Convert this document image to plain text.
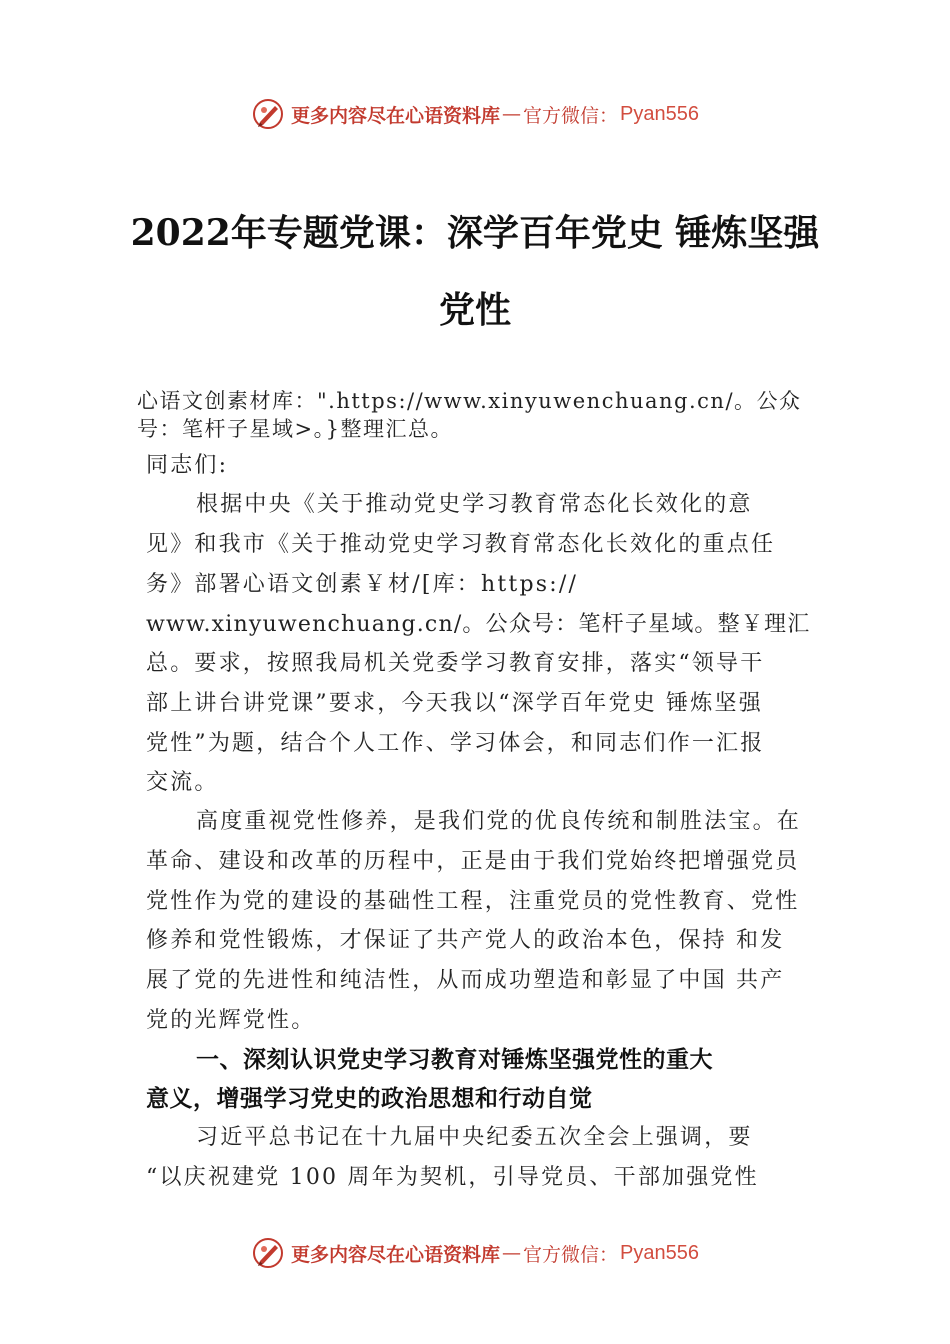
更多内容尽在心语资料库 — 官方微信： Pyan556
2022年专题党课：深学百年党史 锤炼坚强
党性
心语文创素材库：".https://www.xinyuwenchuang.cn/。公众
号：笔杆子星域>。}整理汇总。
同志们:
根据中央《关于推动党史学习教育常态化长效化的意
见》和我市《关于推动党史学习教育常态化长效化的重点任
务》部署心语文创素￥材/[库：https://
www.xinyuwenchuang.cn/。公众号：笔杆子星域。整￥理汇
总。要求，按照我局机关党委学习教育安排，落实“领导干
部上讲台讲党课”要求，今天我以“深学百年党史 锤炼坚强
党性”为题，结合个人工作、学习体会，和同志们作一汇报
交流。
高度重视党性修养，是我们党的优良传统和制胜法宝。在
革命、建设和改革的历程中，正是由于我们党始终把增强党员
党性作为党的建设的基础性工程，注重党员的党性教育、党性
修养和党性锻炼，才保证了共产党人的政治本色，保持 和发
展了党的先进性和纯洁性，从而成功塑造和彰显了中国 共产
党的光辉党性。
一、深刻认识党史学习教育对锤炼坚强党性的重大
意义，增强学习党史的政治思想和行动自觉
习近平总书记在十九届中央纪委五次全会上强调，要
“以庆祝建党 100 周年为契机，引导党员、干部加强党性
更多内容尽在心语资料库 — 官方微信： Pyan556
